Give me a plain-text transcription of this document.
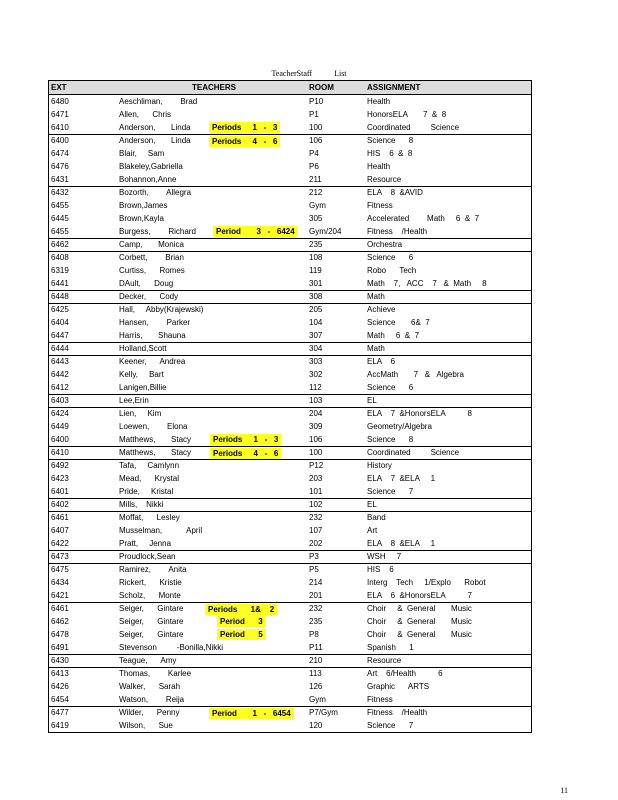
TeacherStaff	List
EXT	TEACHERS	ROOM	ASSIGNMENT
6480	Aeschliman,        Brad	P10	Health
6471	Allen,      Chris	P1	HonorsELA       7  &  8
6410	Anderson,       Linda	Periods     1   -   3	100	Coordinated         Science
6400	Anderson,       Linda	Periods     4   -   6	106	Science      8
6474	Blair,     Sam	P4	HIS    6  &  8
6476	Blakeley,Gabriella	P6	Health
6431	Bohannon,Anne	211	Resource
6432	Bozorth,        Allegra	212	ELA    8  &AVID
6455	Brown,James	Gym	Fitness
6445	Brown,Kayla	305	Accelerated        Math     6  &  7
6455	Burgess,        Richard	Period       3   -   6424	Gym/204	Fitness    /Health
6462	Camp,       Monica	235	Orchestra
6408	Corbett,        Brian	108	Science      6
6319	Curtiss,      Romes	119	Robo      Tech
6441	DAult,      Doug	301	Math    7,   ACC    7   &  Math     8
6448	Decker,      Cody	308	Math
6425	Hall,     Abby(Krajewski)	205	Achieve
6404	Hansen,        Parker	104	Science       6&  7
6447	Harris,       Shauna	307	Math     6  &  7
6444	Holland,Scott	304	Math
6443	Keener,      Andrea	303	ELA    6
6442	Kelly,     Bart	302	AccMath       7   &   Algebra
6412	Lanigen,Billie	112	Science      6
6403	Lee,Erin	103	EL
6424	Lien,     Kim	204	ELA    7  &HonorsELA          8
6449	Loewen,        Elona	309	Geometry/Algebra
6400	Matthews,       Stacy	Periods     1   -   3	106	Science      8
6410	Matthews,       Stacy	Periods     4   -   6	100	Coordinated         Science
6492	Tafa,     Camlynn	P12	History
6423	Mead,      Krystal	203	ELA    7  &ELA     1
6401	Pride,     Kristal	101	Science      7
6402	Mills,    Nikki	102	EL
6461	Moffat,      Lesley	232	Band
6407	Musselman,           April	107	Art
6422	Pratt,     Jenna	202	ELA    8  &ELA     1
6473	Proudlock,Sean	P3	WSH     7
6475	Ramirez,        Anita	P5	HIS    6
6434	Rickert,      Kristie	214	Interg    Tech     1/Explo      Robot
6421	Scholz,      Monte	201	ELA    6  &HonorsELA          7
6461	Seiger,      Gintare	Periods      1&    2	232	Choir     &  General       Music
6462	Seiger,      Gintare	Period      3	235	Choir     &  General       Music
6478	Seiger,      Gintare	Period      5	P8	Choir     &  General       Music
6491	Stevenson         -Bonilla,Nikki	P11	Spanish      1
6430	Teague,      Amy	210	Resource
6413	Thomas,        Karlee	113	Art    6/Health          6
6426	Walker,      Sarah	126	Graphic      ARTS
6454	Watson,        Reija	Gym	Fitness
6477	Wilder,      Penny	Period       1   -   6454	P7/Gym	Fitness    /Health
6419	Wilson,      Sue	120	Science      7
11
